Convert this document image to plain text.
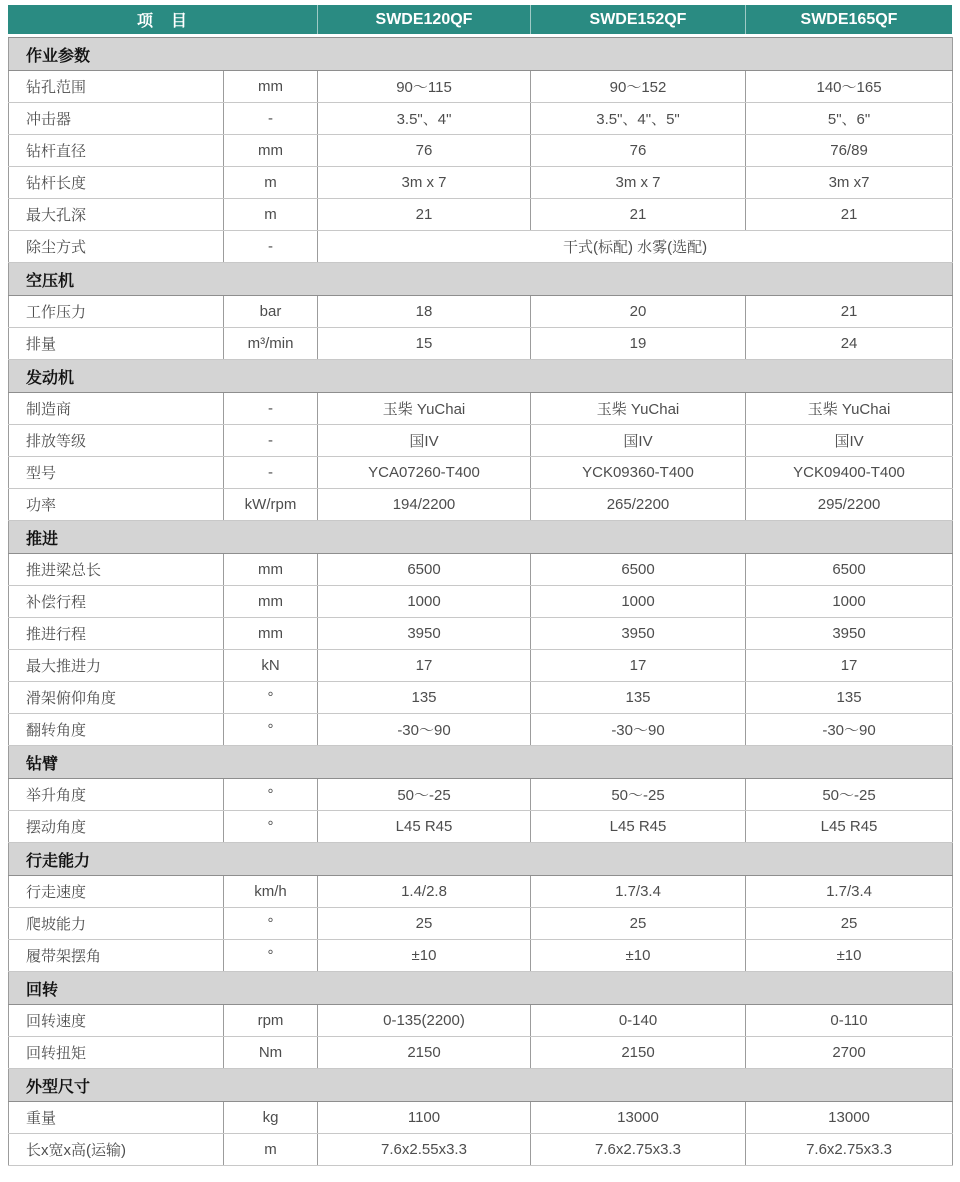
项　目	SWDE120QF	SWDE152QF	SWDE165QF
作业参数				
钻孔范围	mm	90～115	90～152	140～165
冲击器	-	3.5"、4"	3.5"、4"、5"	5"、6"
钻杆直径	mm	76	76	76/89
钻杆长度	m	3m x 7	3m x 7	3m x7
最大孔深	m	21	21	21
除尘方式	-	干式(标配) 水雾(选配)		
空压机				
工作压力	bar	18	20	21
排量	m³/min	15	19	24
发动机				
制造商	-	玉柴 YuChai	玉柴 YuChai	玉柴 YuChai
排放等级	-	国IV	国IV	国IV
型号	-	YCA07260-T400	YCK09360-T400	YCK09400-T400
功率	kW/rpm	194/2200	265/2200	295/2200
推进				
推进梁总长	mm	6500	6500	6500
补偿行程	mm	1000	1000	1000
推进行程	mm	3950	3950	3950
最大推进力	kN	17	17	17
滑架俯仰角度	°	135	135	135
翻转角度	°	-30～90	-30～90	-30～90
钻臂				
举升角度	°	50～-25	50～-25	50～-25
摆动角度	°	L45 R45	L45 R45	L45 R45
行走能力				
行走速度	km/h	1.4/2.8	1.7/3.4	1.7/3.4
爬坡能力	°	25	25	25
履带架摆角	°	±10	±10	±10
回转				
回转速度	rpm	0-135(2200)	0-140	0-110
回转扭矩	Nm	2150	2150	2700
外型尺寸				
重量	kg	1100	13000	13000
长x宽x高(运输)	m	7.6x2.55x3.3	7.6x2.75x3.3	7.6x2.75x3.3
